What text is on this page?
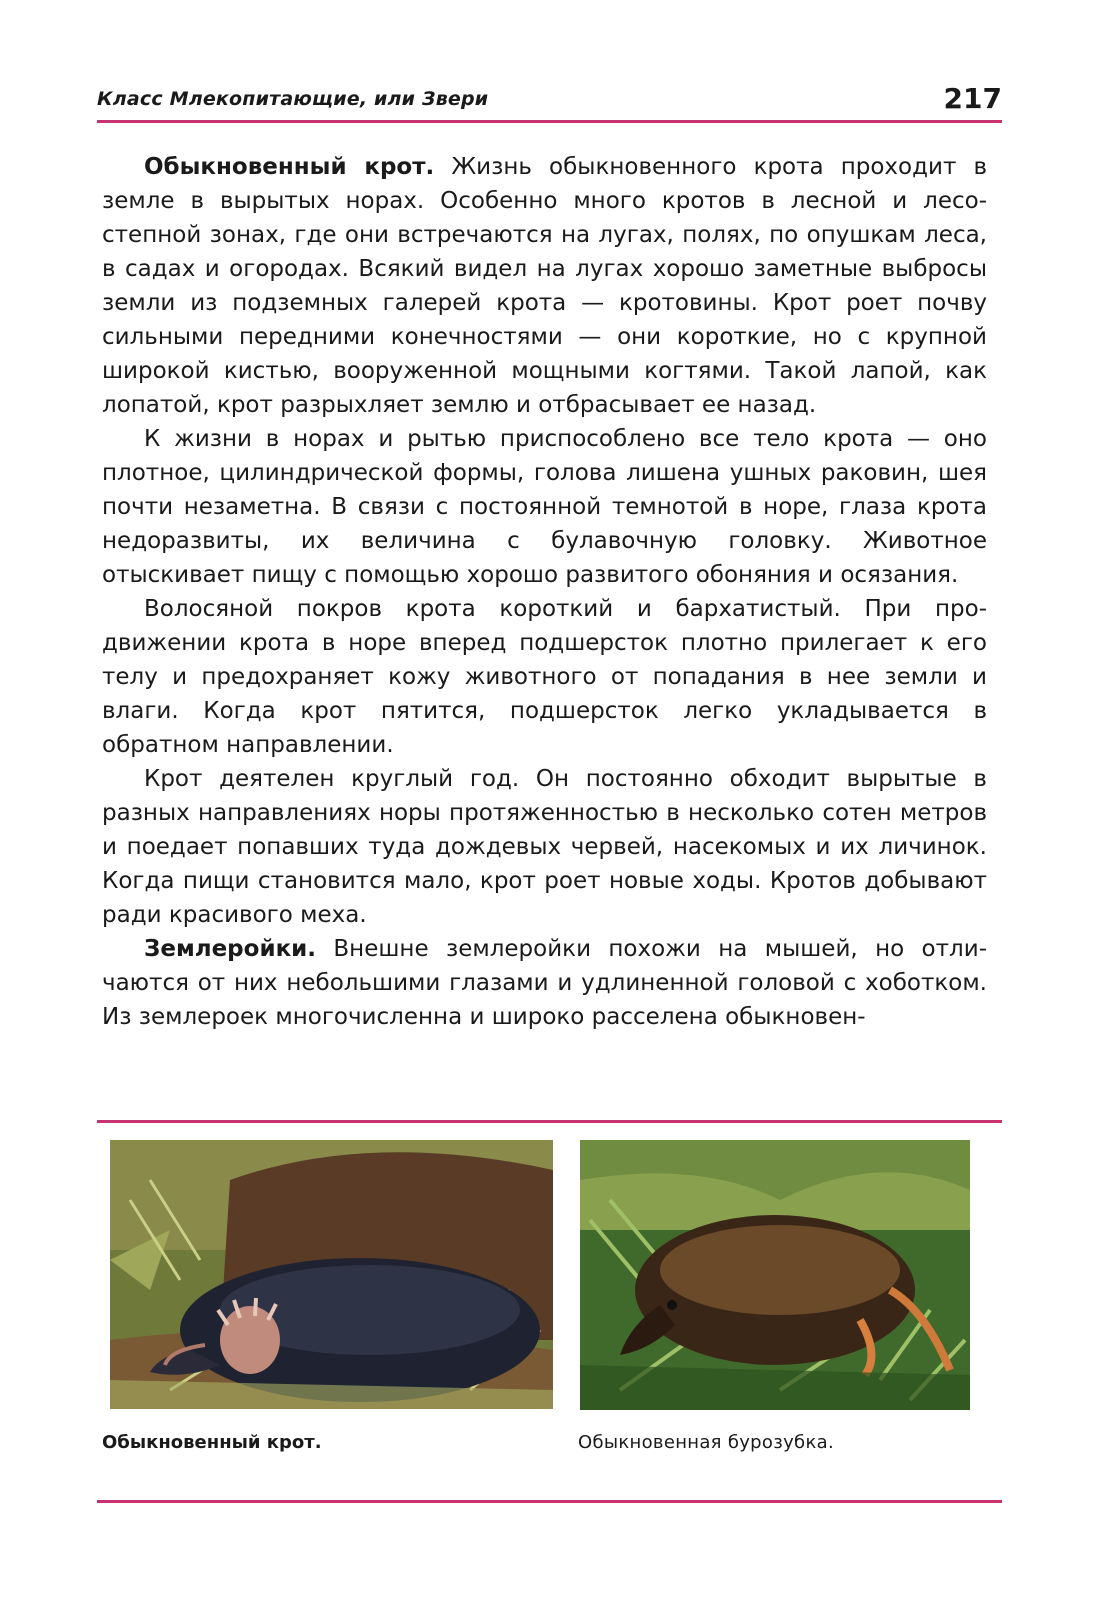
Класс Млекопитающие, или Звери	217

Обыкновенный крот. Жизнь обыкновенного крота проходит в земле в вырытых норах. Особенно много кротов в лесной и лесостепной зонах, где они встречаются на лугах, полях, по опушкам леса, в садах и огородах. Всякий видел на лугах хорошо заметные выбросы земли из подземных галерей крота — кротовины. Крот роет почву сильными передними конечностями — они короткие, но с крупной широкой кистью, вооруженной мощными когтями. Такой лапой, как лопатой, крот разрыхляет землю и отбрасывает ее назад.

К жизни в норах и рытью приспособлено все тело крота — оно плотное, цилиндрической формы, голова лишена ушных раковин, шея почти незаметна. В связи с постоянной темнотой в норе, глаза крота недоразвиты, их величина с булавочную головку. Животное отыскивает пищу с помощью хорошо развитого обоняния и осязания.

Волосяной покров крота короткий и бархатистый. При продвижении крота в норе вперед подшерсток плотно прилегает к его телу и предохраняет кожу животного от попадания в нее земли и влаги. Когда крот пятится, подшерсток легко укладывается в обратном направлении.

Крот деятелен круглый год. Он постоянно обходит вырытые в разных направлениях норы протяженностью в несколько сотен метров и поедает попавших туда дождевых червей, насекомых и их личинок. Когда пищи становится мало, крот роет новые ходы. Кротов добывают ради красивого меха.

Землеройки. Внешне землеройки похожи на мышей, но отличаются от них небольшими глазами и удлиненной головой с хоботком. Из землероек многочисленна и широко расселена обыкновен-

Обыкновенный крот.	Обыкновенная бурозубка.
